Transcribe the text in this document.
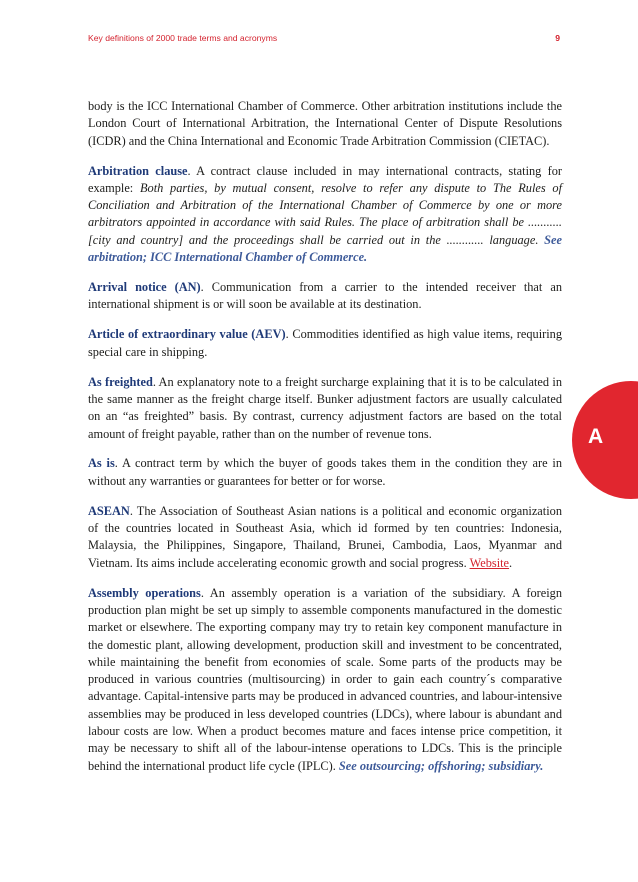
Key definitions of 2000 trade terms and acronyms	9
A

body is the ICC International Chamber of Commerce. Other arbitration institutions include the London Court of International Arbitration, the International Center of Dispute Resolutions (ICDR) and the China International and Economic Trade Arbitration Commission (CIETAC).

Arbitration clause. A contract clause included in may international contracts, stating for example: Both parties, by mutual consent, resolve to refer any dispute to The Rules of Conciliation and Arbitration of the International Chamber of Commerce by one or more arbitrators appointed in accordance with said Rules. The place of arbitration shall be ........... [city and country] and the proceedings shall be carried out in the ............ language. See arbitration; ICC International Chamber of Commerce.

Arrival notice (AN). Communication from a carrier to the intended receiver that an international shipment is or will soon be available at its destination.

Article of extraordinary value (AEV). Commodities identified as high value items, requiring special care in shipping.

As freighted. An explanatory note to a freight surcharge explaining that it is to be calculated in the same manner as the freight charge itself. Bunker adjustment factors are usually calculated on an “as freighted” basis. By contrast, currency adjustment factors are based on the total amount of freight payable, rather than on the number of revenue tons.

As is. A contract term by which the buyer of goods takes them in the condition they are in without any warranties or guarantees for better or for worse.

ASEAN. The Association of Southeast Asian nations is a political and economic organization of the countries located in Southeast Asia, which id formed by ten countries: Indonesia, Malaysia, the Philippines, Singapore, Thailand, Brunei, Cambodia, Laos, Myanmar and Vietnam. Its aims include accelerating economic growth and social progress. Website.

Assembly operations. An assembly operation is a variation of the subsidiary. A foreign production plan might be set up simply to assemble components manufactured in the domestic market or elsewhere. The exporting company may try to retain key component manufacture in the domestic plant, allowing development, production skill and investment to be concentrated, while maintaining the benefit from economies of scale. Some parts of the products may be produced in various countries (multisourcing) in order to gain each country´s comparative advantage. Capital-intensive parts may be produced in advanced countries, and labour-intensive assemblies may be produced in less developed countries (LDCs), where labour is abundant and labour costs are low. When a product becomes mature and faces intense price competition, it may be necessary to shift all of the labour-intense operations to LDCs. This is the principle behind the international product life cycle (IPLC). See outsourcing; offshoring; subsidiary.
